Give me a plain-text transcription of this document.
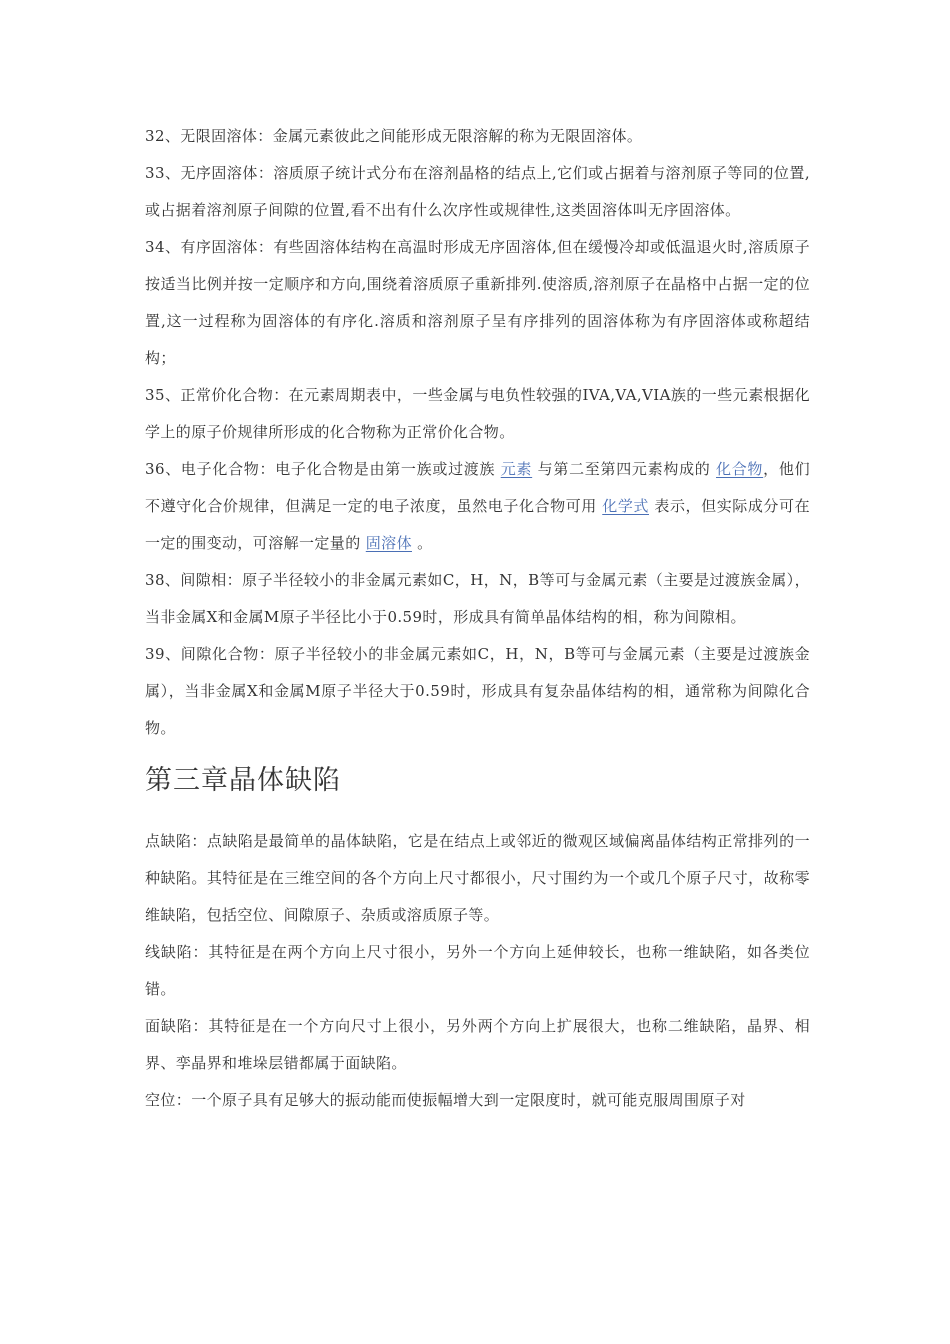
32、无限固溶体：金属元素彼此之间能形成无限溶解的称为无限固溶体。

33、无序固溶体：溶质原子统计式分布在溶剂晶格的结点上,它们或占据着与溶剂原子等同的位置,或占据着溶剂原子间隙的位置,看不出有什么次序性或规律性,这类固溶体叫无序固溶体。

34、有序固溶体：有些固溶体结构在高温时形成无序固溶体,但在缓慢冷却或低温退火时,溶质原子按适当比例并按一定顺序和方向,围绕着溶质原子重新排列.使溶质,溶剂原子在晶格中占据一定的位置,这一过程称为固溶体的有序化.溶质和溶剂原子呈有序排列的固溶体称为有序固溶体或称超结构；

35、正常价化合物：在元素周期表中，一些金属与电负性较强的IVA,VA,VIA族的一些元素根据化学上的原子价规律所形成的化合物称为正常价化合物。

36、电子化合物：电子化合物是由第一族或过渡族 元素 与第二至第四元素构成的 化合物，他们不遵守化合价规律，但满足一定的电子浓度，虽然电子化合物可用 化学式 表示，但实际成分可在一定的围变动，可溶解一定量的 固溶体 。

38、间隙相：原子半径较小的非金属元素如C，H，N，B等可与金属元素（主要是过渡族金属），当非金属X和金属M原子半径比小于0.59时，形成具有简单晶体结构的相，称为间隙相。

39、间隙化合物：原子半径较小的非金属元素如C，H，N，B等可与金属元素（主要是过渡族金属），当非金属X和金属M原子半径大于0.59时，形成具有复杂晶体结构的相，通常称为间隙化合物。

第三章晶体缺陷

点缺陷：点缺陷是最简单的晶体缺陷，它是在结点上或邻近的微观区域偏离晶体结构正常排列的一种缺陷。其特征是在三维空间的各个方向上尺寸都很小，尺寸围约为一个或几个原子尺寸，故称零维缺陷，包括空位、间隙原子、杂质或溶质原子等。

线缺陷：其特征是在两个方向上尺寸很小，另外一个方向上延伸较长，也称一维缺陷，如各类位错。

面缺陷：其特征是在一个方向尺寸上很小，另外两个方向上扩展很大，也称二维缺陷，晶界、相界、孪晶界和堆垛层错都属于面缺陷。

空位：一个原子具有足够大的振动能而使振幅增大到一定限度时，就可能克服周围原子对
